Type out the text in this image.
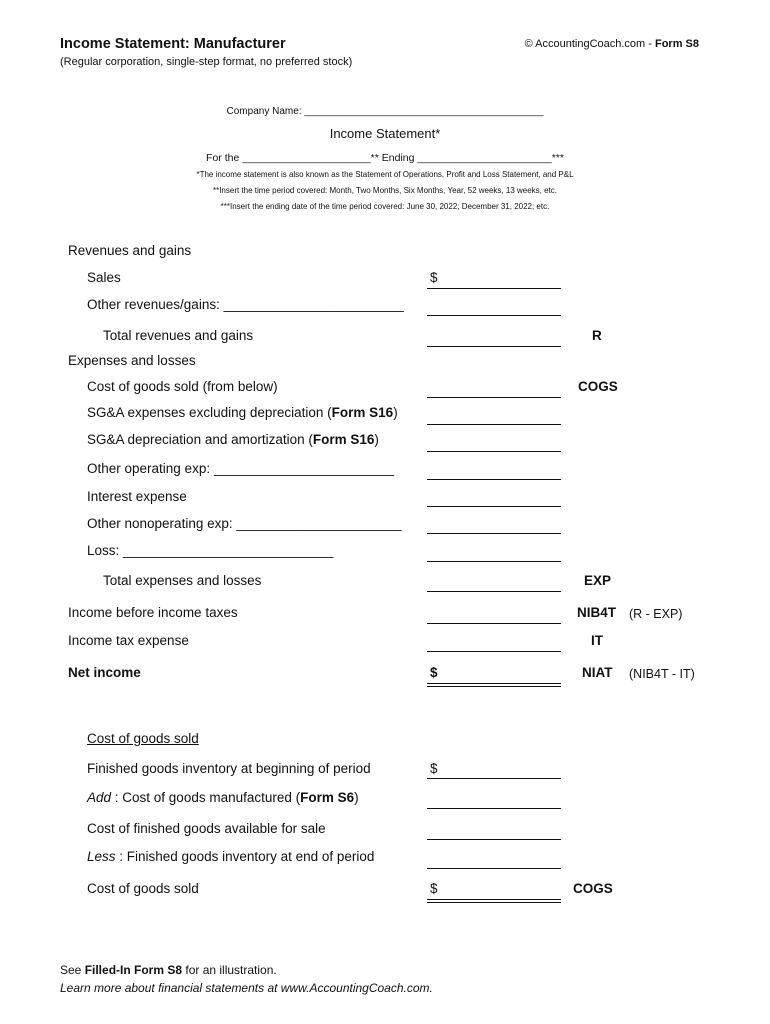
Income Statement: Manufacturer
(Regular corporation, single-step format, no preferred stock)
© AccountingCoach.com - Form S8
Company Name: ___________________________________________
Income Statement*
For the ______________________** Ending _______________________***
*The income statement is also known as the Statement of Operations, Profit and Loss Statement, and P&L
**Insert the time period covered: Month, Two Months, Six Months, Year, 52 weeks, 13 weeks, etc.
***Insert the ending date of the time period covered: June 30, 2022; December 31, 2022; etc.
Revenues and gains
Sales	$
Other revenues/gains: ________________________
Total revenues and gains	R
Expenses and losses
Cost of goods sold (from below)	COGS
SG&A expenses excluding depreciation (Form S16)
SG&A depreciation and amortization (Form S16)
Other operating exp: ________________________
Interest expense
Other nonoperating exp: ______________________
Loss: ____________________________
Total expenses and losses	EXP
Income before income taxes	NIB4T (R - EXP)
Income tax expense	IT
Net income	$	NIAT (NIB4T - IT)
Cost of goods sold
Finished goods inventory at beginning of period	$
Add : Cost of goods manufactured (Form S6)
Cost of finished goods available for sale
Less : Finished goods inventory at end of period
Cost of goods sold	$	COGS
See Filled-In Form S8 for an illustration.
Learn more about financial statements at www.AccountingCoach.com.
